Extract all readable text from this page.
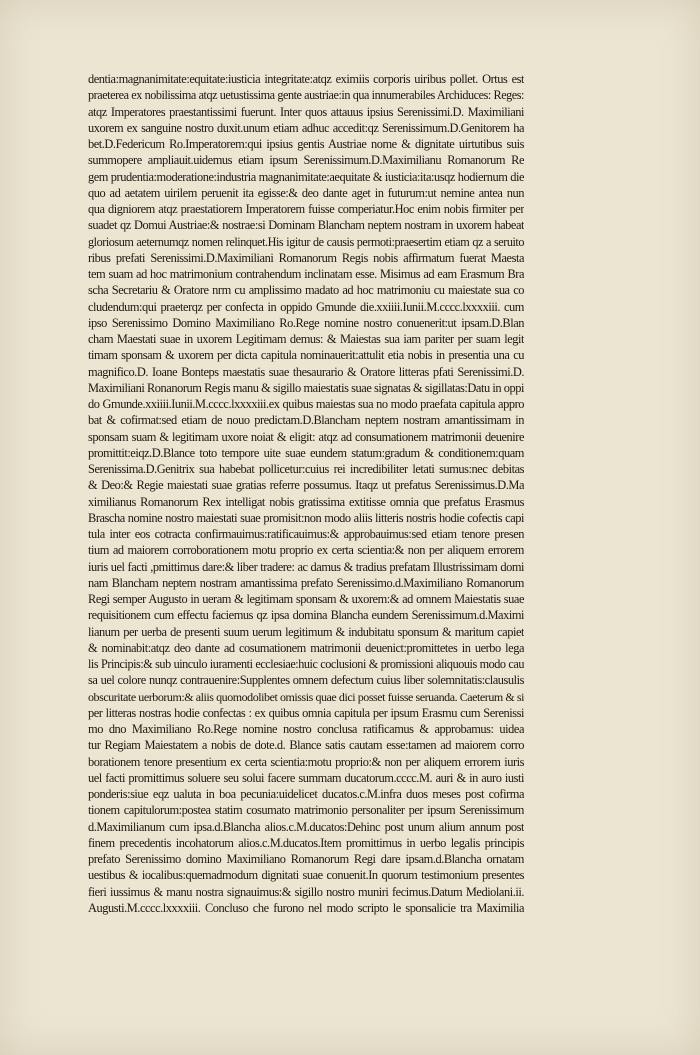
dentia:magnanimitate:equitate:iusticia integritate:atqz eximiis corporis uiribus pollet. Ortus est
praeterea ex nobilissima atqz uetustissima gente austriae:in qua innumerabiles Archiduces: Reges:
atqz Imperatores praestantissimi fuerunt. Inter quos attauus ipsius Serenissimi.D. Maximiliani
uxorem ex sanguine nostro duxit.unum etiam adhuc accedit:qz Serenissimum.D.Genitorem ha
bet.D.Federicum Ro.Imperatorem:qui ipsius gentis Austriae nome & dignitate uirtutibus suis
summopere ampliauit.uidemus etiam ipsum Serenissimum.D.Maximilianu Romanorum Re
gem prudentia:moderatione:industria magnanimitate:aequitate & iusticia:ita:usqz hodiernum die
quo ad aetatem uirilem peruenit ita egisse:& deo dante aget in futurum:ut nemine antea nun
qua digniorem atqz praestatiorem Imperatorem fuisse comperiatur.Hoc enim nobis firmiter per
suadet qz Domui Austriae:& nostrae:si Dominam Blancham neptem nostram in uxorem habeat
gloriosum aeternumqz nomen relinquet.His igitur de causis permoti:praesertim etiam qz a seruito
ribus prefati Serenissimi.D.Maximiliani Romanorum Regis nobis affirmatum fuerat Maesta
tem suam ad hoc matrimonium contrahendum inclinatam esse. Misimus ad eam Erasmum Bra
scha Secretariu & Oratore nrm cu amplissimo madato ad hoc matrimoniu cu maiestate sua co
cludendum:qui praeterqz per confecta in oppido Gmunde die.xxiiii.Iunii.M.cccc.lxxxxiii. cum
ipso Serenissimo Domino Maximiliano Ro.Rege nomine nostro conuenerit:ut ipsam.D.Blan
cham Maestati suae in uxorem Legitimam demus: & Maiestas sua iam pariter per suam legit
timam sponsam & uxorem per dicta capitula nominauerit:attulit etia nobis in presentia una cu
magnifico.D. Ioane Bonteps maestatis suae thesaurario & Oratore litteras pfati Serenissimi.D.
Maximiliani Ronanorum Regis manu & sigillo maiestatis suae signatas & sigillatas:Datu in oppi
do Gmunde.xxiiii.Iunii.M.cccc.lxxxxiii.ex quibus maiestas sua no modo praefata capitula appro
bat & cofirmat:sed etiam de nouo predictam.D.Blancham neptem nostram amantissimam in
sponsam suam & legitimam uxore noiat & eligit: atqz ad consumationem matrimonii deuenire
promittit:eiqz.D.Blance toto tempore uite suae eundem statum:gradum & conditionem:quam
Serenissima.D.Genitrix sua habebat pollicetur:cuius rei incredibiliter letati sumus:nec debitas
& Deo:& Regie maiestati suae gratias referre possumus. Itaqz ut prefatus Serenissimus.D.Ma
ximilianus Romanorum Rex intelligat nobis gratissima extitisse omnia que prefatus Erasmus
Brascha nomine nostro maiestati suae promisit:non modo aliis litteris nostris hodie cofectis capi
tula inter eos cotracta confirmauimus:ratificauimus:& approbauimus:sed etiam tenore presen
tium ad maiorem corroborationem motu proprio ex certa scientia:& non per aliquem errorem
iuris uel facti ,pmittimus dare:& liber tradere: ac damus & tradius prefatam Illustrissimam domi
nam Blancham neptem nostram amantissima prefato Serenissimo.d.Maximiliano Romanorum
Regi semper Augusto in ueram & legitimam sponsam & uxorem:& ad omnem Maiestatis suae
requisitionem cum effectu faciemus qz ipsa domina Blancha eundem Serenissimum.d.Maximi
lianum per uerba de presenti suum uerum legitimum & indubitatu sponsum & maritum capiet
& nominabit:atqz deo dante ad cosumationem matrimonii deuenict:promittetes in uerbo lega
lis Principis:& sub uinculo iuramenti ecclesiae:huic coclusioni & promissioni aliquouis modo cau
sa uel colore nunqz contrauenire:Supplentes omnem defectum cuius liber solemnitatis:clausulis
obscuritate uerborum:& aliis quomodolibet omissis quae dici posset fuisse seruanda. Caeterum & si
per litteras nostras hodie confectas : ex quibus omnia capitula per ipsum Erasmu cum Serenissi
mo dno Maximiliano Ro.Rege nomine nostro conclusa ratificamus & approbamus: uidea
tur Regiam Maiestatem a nobis de dote.d. Blance satis cautam esse:tamen ad maiorem corro
borationem tenore presentium ex certa scientia:motu proprio:& non per aliquem errorem iuris
uel facti promittimus soluere seu solui facere summam ducatorum.cccc.M. auri & in auro iusti
ponderis:siue eqz ualuta in boa pecunia:uidelicet ducatos.c.M.infra duos meses post cofirma
tionem capitulorum:postea statim cosumato matrimonio personaliter per ipsum Serenissimum
d.Maximilianum cum ipsa.d.Blancha alios.c.M.ducatos:Dehinc post unum alium annum post
finem precedentis incohatorum alios.c.M.ducatos.Item promittimus in uerbo legalis principis
prefato Serenissimo domino Maximiliano Romanorum Regi dare ipsam.d.Blancha ornatam
uestibus & iocalibus:quemadmodum dignitati suae conuenit.In quorum testimonium presentes
fieri iussimus & manu nostra signauimus:& sigillo nostro muniri fecimus.Datum Mediolani.ii.
Augusti.M.cccc.lxxxxiii. Concluso che furono nel modo scripto le sponsalicie tra Maximilia
